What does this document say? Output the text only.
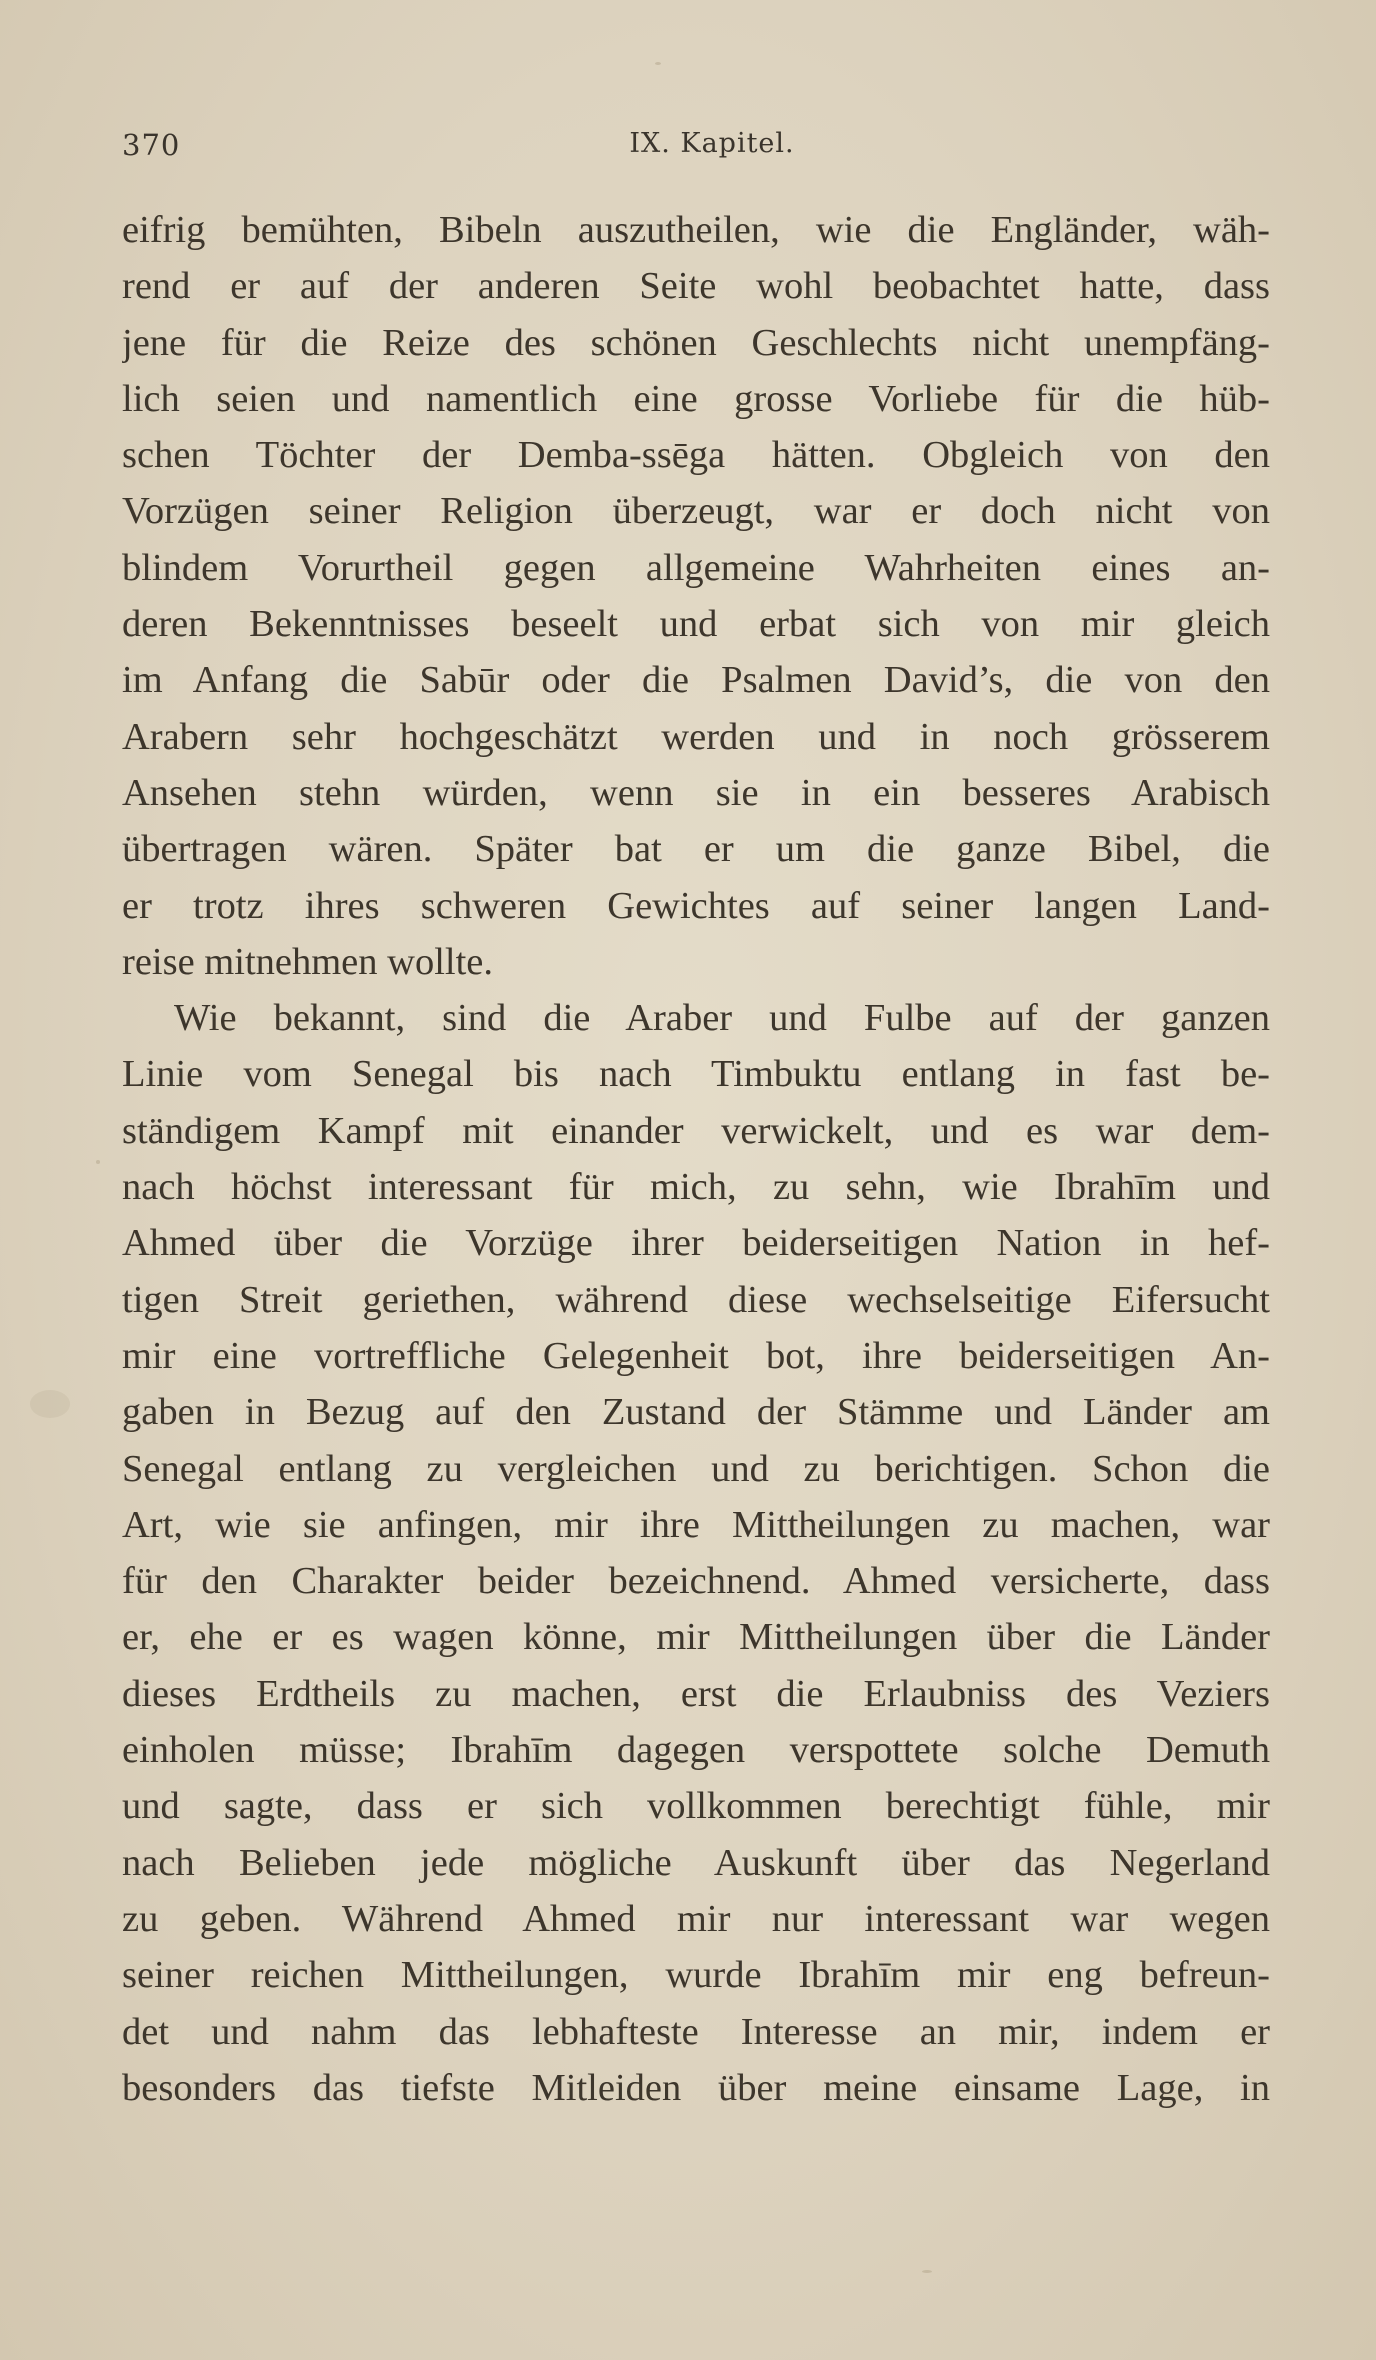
370	IX. Kapitel.
eifrig bemühten, Bibeln auszutheilen, wie die Engländer, wäh-
rend er auf der anderen Seite wohl beobachtet hatte, dass
jene für die Reize des schönen Geschlechts nicht unempfäng-
lich seien und namentlich eine grosse Vorliebe für die hüb-
schen Töchter der Demba-ssēga hätten. Obgleich von den
Vorzügen seiner Religion überzeugt, war er doch nicht von
blindem Vorurtheil gegen allgemeine Wahrheiten eines an-
deren Bekenntnisses beseelt und erbat sich von mir gleich
im Anfang die Sabūr oder die Psalmen David’s, die von den
Arabern sehr hochgeschätzt werden und in noch grösserem
Ansehen stehn würden, wenn sie in ein besseres Arabisch
übertragen wären. Später bat er um die ganze Bibel, die
er trotz ihres schweren Gewichtes auf seiner langen Land-
reise mitnehmen wollte.
Wie bekannt, sind die Araber und Fulbe auf der ganzen
Linie vom Senegal bis nach Timbuktu entlang in fast be-
ständigem Kampf mit einander verwickelt, und es war dem-
nach höchst interessant für mich, zu sehn, wie Ibrahīm und
Ahmed über die Vorzüge ihrer beiderseitigen Nation in hef-
tigen Streit geriethen, während diese wechselseitige Eifersucht
mir eine vortreffliche Gelegenheit bot, ihre beiderseitigen An-
gaben in Bezug auf den Zustand der Stämme und Länder am
Senegal entlang zu vergleichen und zu berichtigen. Schon die
Art, wie sie anfingen, mir ihre Mittheilungen zu machen, war
für den Charakter beider bezeichnend. Ahmed versicherte, dass
er, ehe er es wagen könne, mir Mittheilungen über die Länder
dieses Erdtheils zu machen, erst die Erlaubniss des Veziers
einholen müsse; Ibrahīm dagegen verspottete solche Demuth
und sagte, dass er sich vollkommen berechtigt fühle, mir
nach Belieben jede mögliche Auskunft über das Negerland
zu geben. Während Ahmed mir nur interessant war wegen
seiner reichen Mittheilungen, wurde Ibrahīm mir eng befreun-
det und nahm das lebhafteste Interesse an mir, indem er
besonders das tiefste Mitleiden über meine einsame Lage, in
